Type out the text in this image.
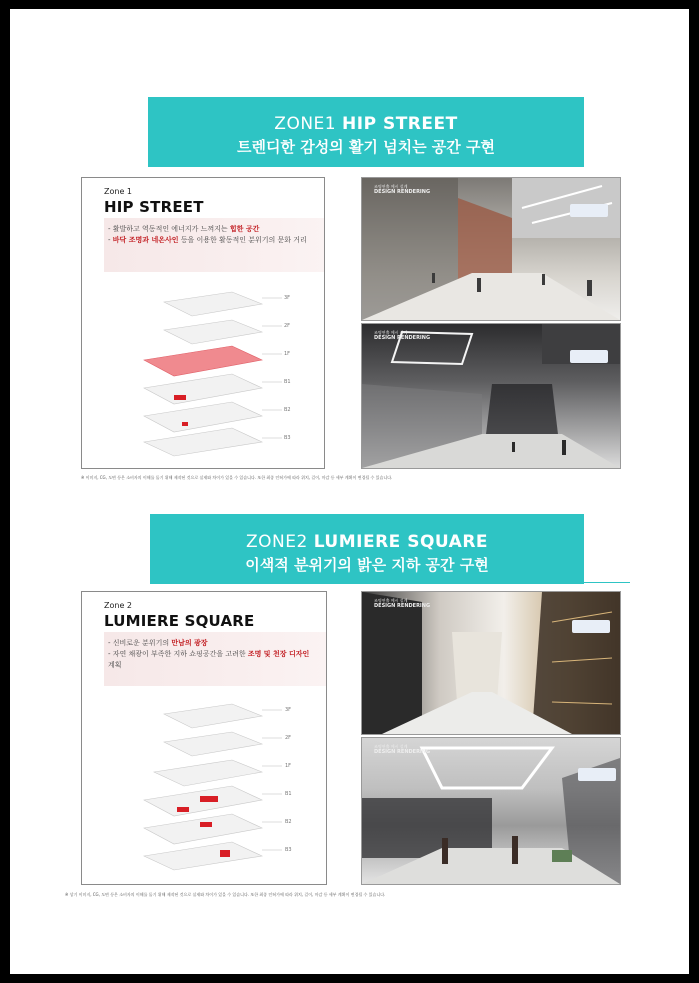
ZONE1 HIP STREET
트렌디한 감성의 활기 넘치는 공간 구현
Zone 1
HIP STREET
- 활발하고 역동적인 에너지가 느껴지는 힙한 공간
- 바닥 조명과 네온사인 등을 이용한 활동적인 분위기의 문화 거리
3F
2F
1F
B1
B2
B3
조명연출 예시 설계
DESIGN RENDERING
조명연출 예시 설계
DESIGN RENDERING
※ 이미지, CG, 도면 등은 소비자의 이해를 돕기 위해 제작된 것으로 실제와 차이가 있을 수 있습니다. 또한 최종 인허가에 따라 위치, 길이, 마감 등 세부 계획이 변경될 수 있습니다.
ZONE2 LUMIERE SQUARE
이색적 분위기의 밝은 지하 공간 구현
Zone 2
LUMIERE SQUARE
- 신비로운 분위기의 만남의 광장
- 자연 채광이 부족한 지하 쇼핑공간을 고려한 조명 및 천장 디자인 계획
3F
2F
1F
B1
B2
B3
조명연출 예시 설계
DESIGN RENDERING
조명연출 예시 설계
DESIGN RENDERING
※ 상기 이미지, CG, 도면 등은 소비자의 이해를 돕기 위해 제작된 것으로 실제와 차이가 있을 수 있습니다. 또한 최종 인허가에 따라 위치, 길이, 마감 등 세부 계획이 변경될 수 있습니다.
